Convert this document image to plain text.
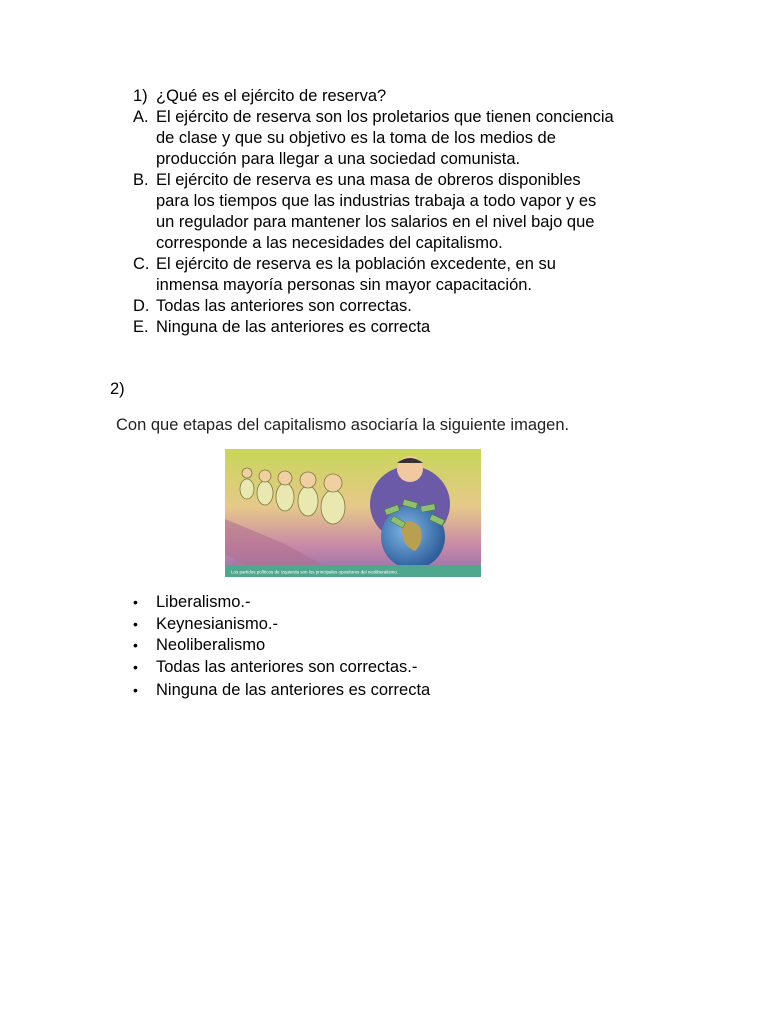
1) ¿Qué es el ejército de reserva?
A. El ejército de reserva son los proletarios que tienen conciencia
de clase y que su objetivo es la toma de los medios de
producción para llegar a una sociedad comunista.
B. El ejército de reserva es una masa de obreros disponibles
para los tiempos que las industrias trabaja a todo vapor y es
un regulador para mantener los salarios en el nivel bajo que
corresponde a las necesidades del capitalismo.
C. El ejército de reserva es la población excedente, en su
inmensa mayoría personas sin mayor capacitación.
D. Todas las anteriores son correctas.
E. Ninguna de las anteriores es correcta
2)
Con que etapas del capitalismo asociaría la siguiente imagen.
Los partidos políticos de izquierda son los principales opositores del neoliberalismo.
• Liberalismo.-
• Keynesianismo.-
• Neoliberalismo
• Todas las anteriores son correctas.-
• Ninguna de las anteriores es correcta
